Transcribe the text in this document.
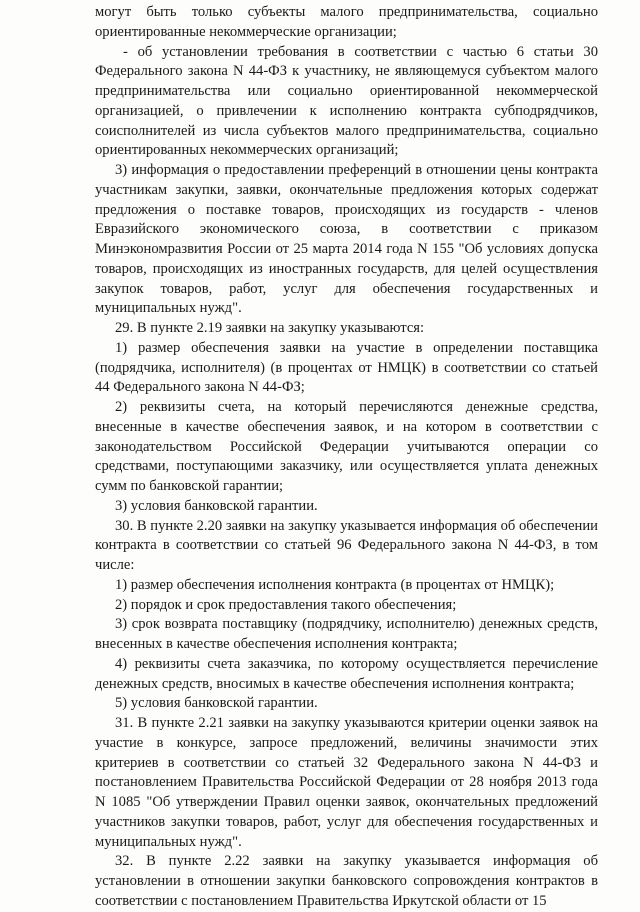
могут быть только субъекты малого предпринимательства, социально ориентированные некоммерческие организации;

- об установлении требования в соответствии с частью 6 статьи 30 Федерального закона N 44-ФЗ к участнику, не являющемуся субъектом малого предпринимательства или социально ориентированной некоммерческой организацией, о привлечении к исполнению контракта субподрядчиков, соисполнителей из числа субъектов малого предпринимательства, социально ориентированных некоммерческих организаций;

3) информация о предоставлении преференций в отношении цены контракта участникам закупки, заявки, окончательные предложения которых содержат предложения о поставке товаров, происходящих из государств - членов Евразийского экономического союза, в соответствии с приказом Минэкономразвития России от 25 марта 2014 года N 155 "Об условиях допуска товаров, происходящих из иностранных государств, для целей осуществления закупок товаров, работ, услуг для обеспечения государственных и муниципальных нужд".

29. В пункте 2.19 заявки на закупку указываются:

1) размер обеспечения заявки на участие в определении поставщика (подрядчика, исполнителя) (в процентах от НМЦК) в соответствии со статьей 44 Федерального закона N 44-ФЗ;

2) реквизиты счета, на который перечисляются денежные средства, внесенные в качестве обеспечения заявок, и на котором в соответствии с законодательством Российской Федерации учитываются операции со средствами, поступающими заказчику, или осуществляется уплата денежных сумм по банковской гарантии;

3) условия банковской гарантии.

30. В пункте 2.20 заявки на закупку указывается информация об обеспечении контракта в соответствии со статьей 96 Федерального закона N 44-ФЗ, в том числе:

1) размер обеспечения исполнения контракта (в процентах от НМЦК);

2) порядок и срок предоставления такого обеспечения;

3) срок возврата поставщику (подрядчику, исполнителю) денежных средств, внесенных в качестве обеспечения исполнения контракта;

4) реквизиты счета заказчика, по которому осуществляется перечисление денежных средств, вносимых в качестве обеспечения исполнения контракта;

5) условия банковской гарантии.

31. В пункте 2.21 заявки на закупку указываются критерии оценки заявок на участие в конкурсе, запросе предложений, величины значимости этих критериев в соответствии со статьей 32 Федерального закона N 44-ФЗ и постановлением Правительства Российской Федерации от 28 ноября 2013 года N 1085 "Об утверждении Правил оценки заявок, окончательных предложений участников закупки товаров, работ, услуг для обеспечения государственных и муниципальных нужд".

32. В пункте 2.22 заявки на закупку указывается информация об установлении в отношении закупки банковского сопровождения контрактов в соответствии с постановлением Правительства Иркутской области от 15
